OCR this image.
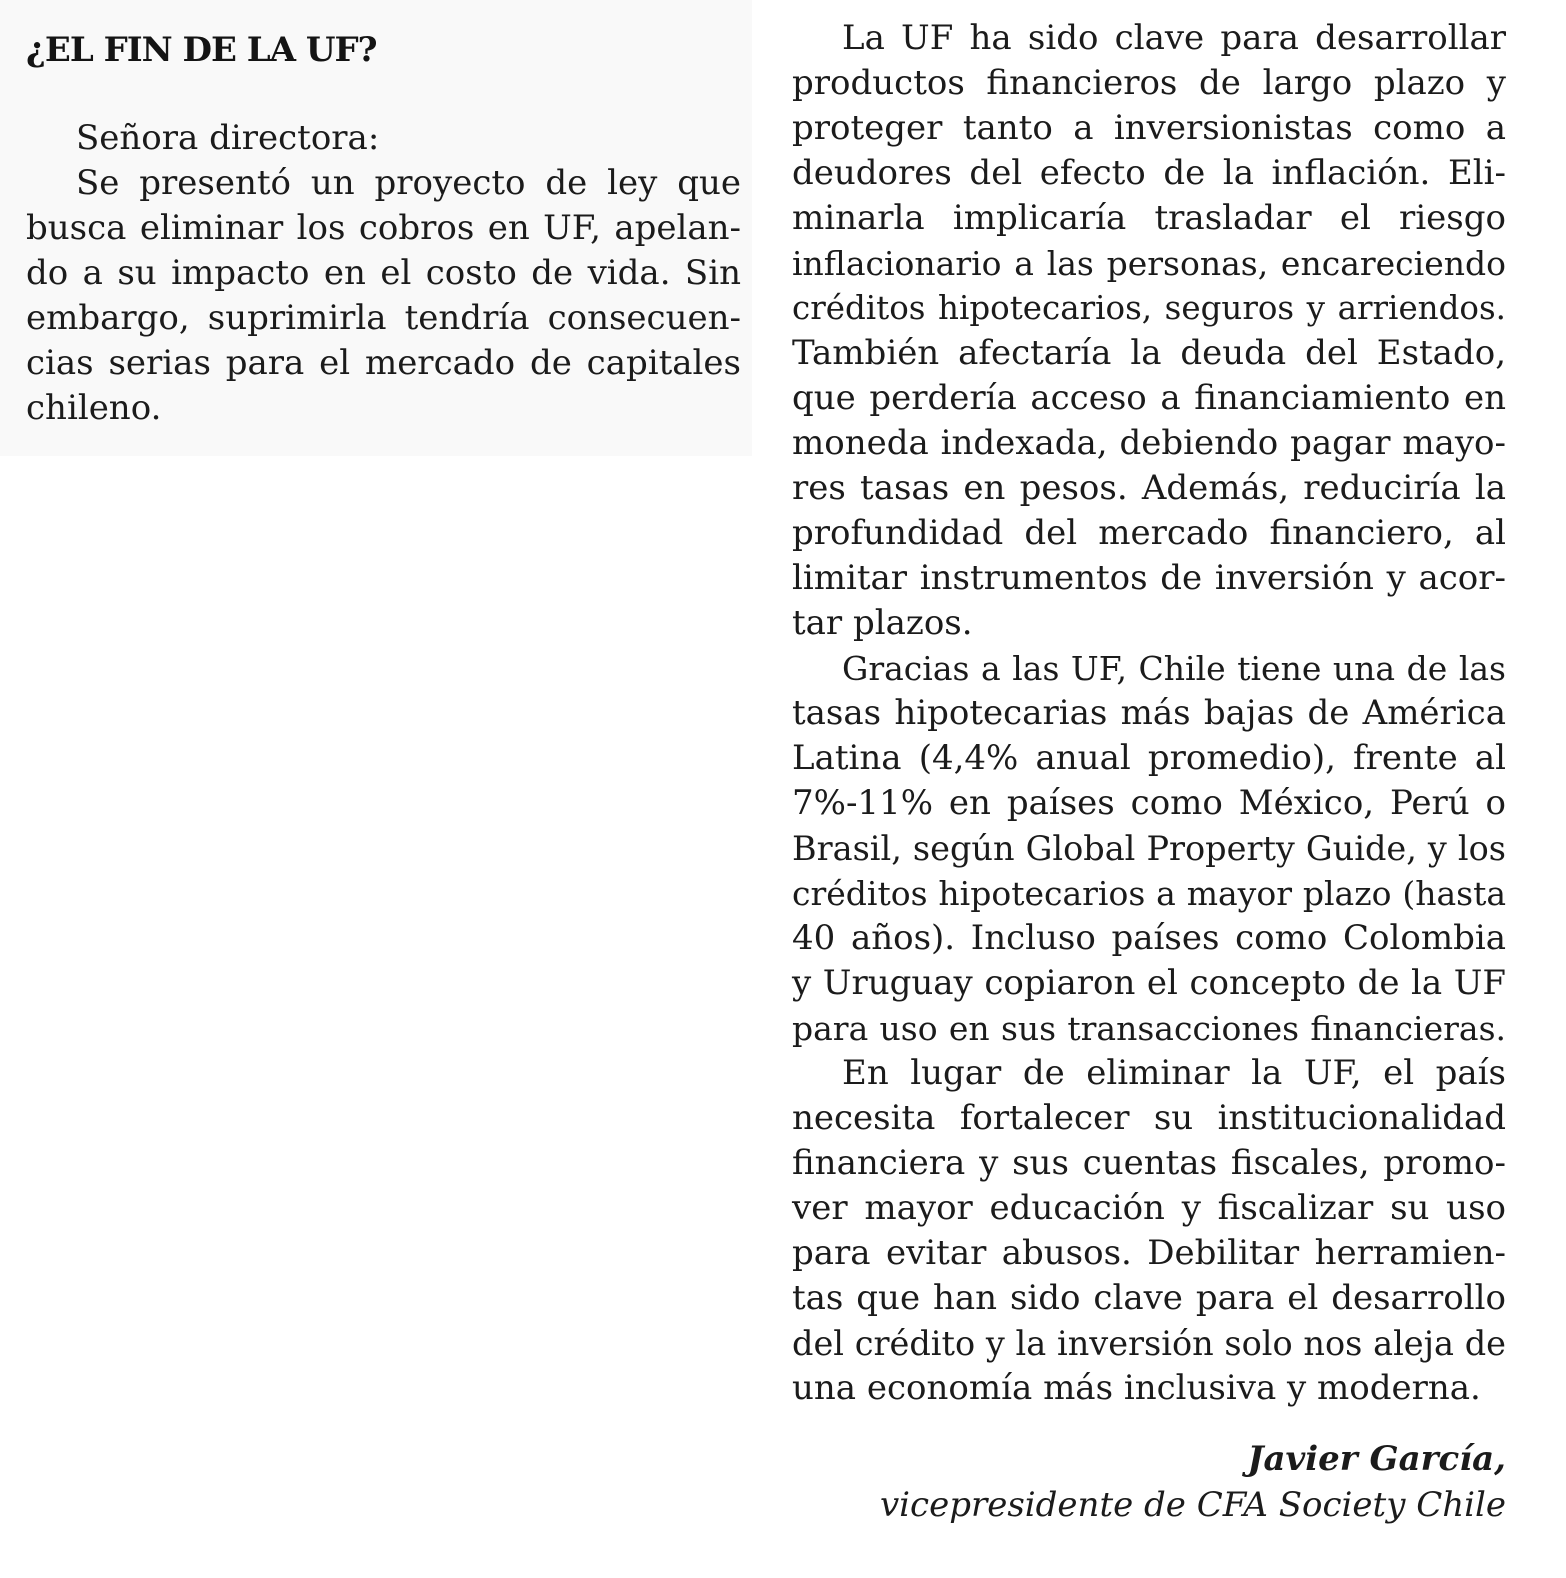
¿EL FIN DE LA UF?
Señora directora:
Se presentó un proyecto de ley que
busca eliminar los cobros en UF, apelan-
do a su impacto en el costo de vida. Sin
embargo, suprimirla tendría consecuen-
cias serias para el mercado de capitales
chileno.
La UF ha sido clave para desarrollar
productos financieros de largo plazo y
proteger tanto a inversionistas como a
deudores del efecto de la inflación. Eli-
minarla implicaría trasladar el riesgo
inflacionario a las personas, encareciendo
créditos hipotecarios, seguros y arriendos.
También afectaría la deuda del Estado,
que perdería acceso a financiamiento en
moneda indexada, debiendo pagar mayo-
res tasas en pesos. Además, reduciría la
profundidad del mercado financiero, al
limitar instrumentos de inversión y acor-
tar plazos.
Gracias a las UF, Chile tiene una de las
tasas hipotecarias más bajas de América
Latina (4,4% anual promedio), frente al
7%-11% en países como México, Perú o
Brasil, según Global Property Guide, y los
créditos hipotecarios a mayor plazo (hasta
40 años). Incluso países como Colombia
y Uruguay copiaron el concepto de la UF
para uso en sus transacciones financieras.
En lugar de eliminar la UF, el país
necesita fortalecer su institucionalidad
financiera y sus cuentas fiscales, promo-
ver mayor educación y fiscalizar su uso
para evitar abusos. Debilitar herramien-
tas que han sido clave para el desarrollo
del crédito y la inversión solo nos aleja de
una economía más inclusiva y moderna.
Javier García,
vicepresidente de CFA Society Chile
